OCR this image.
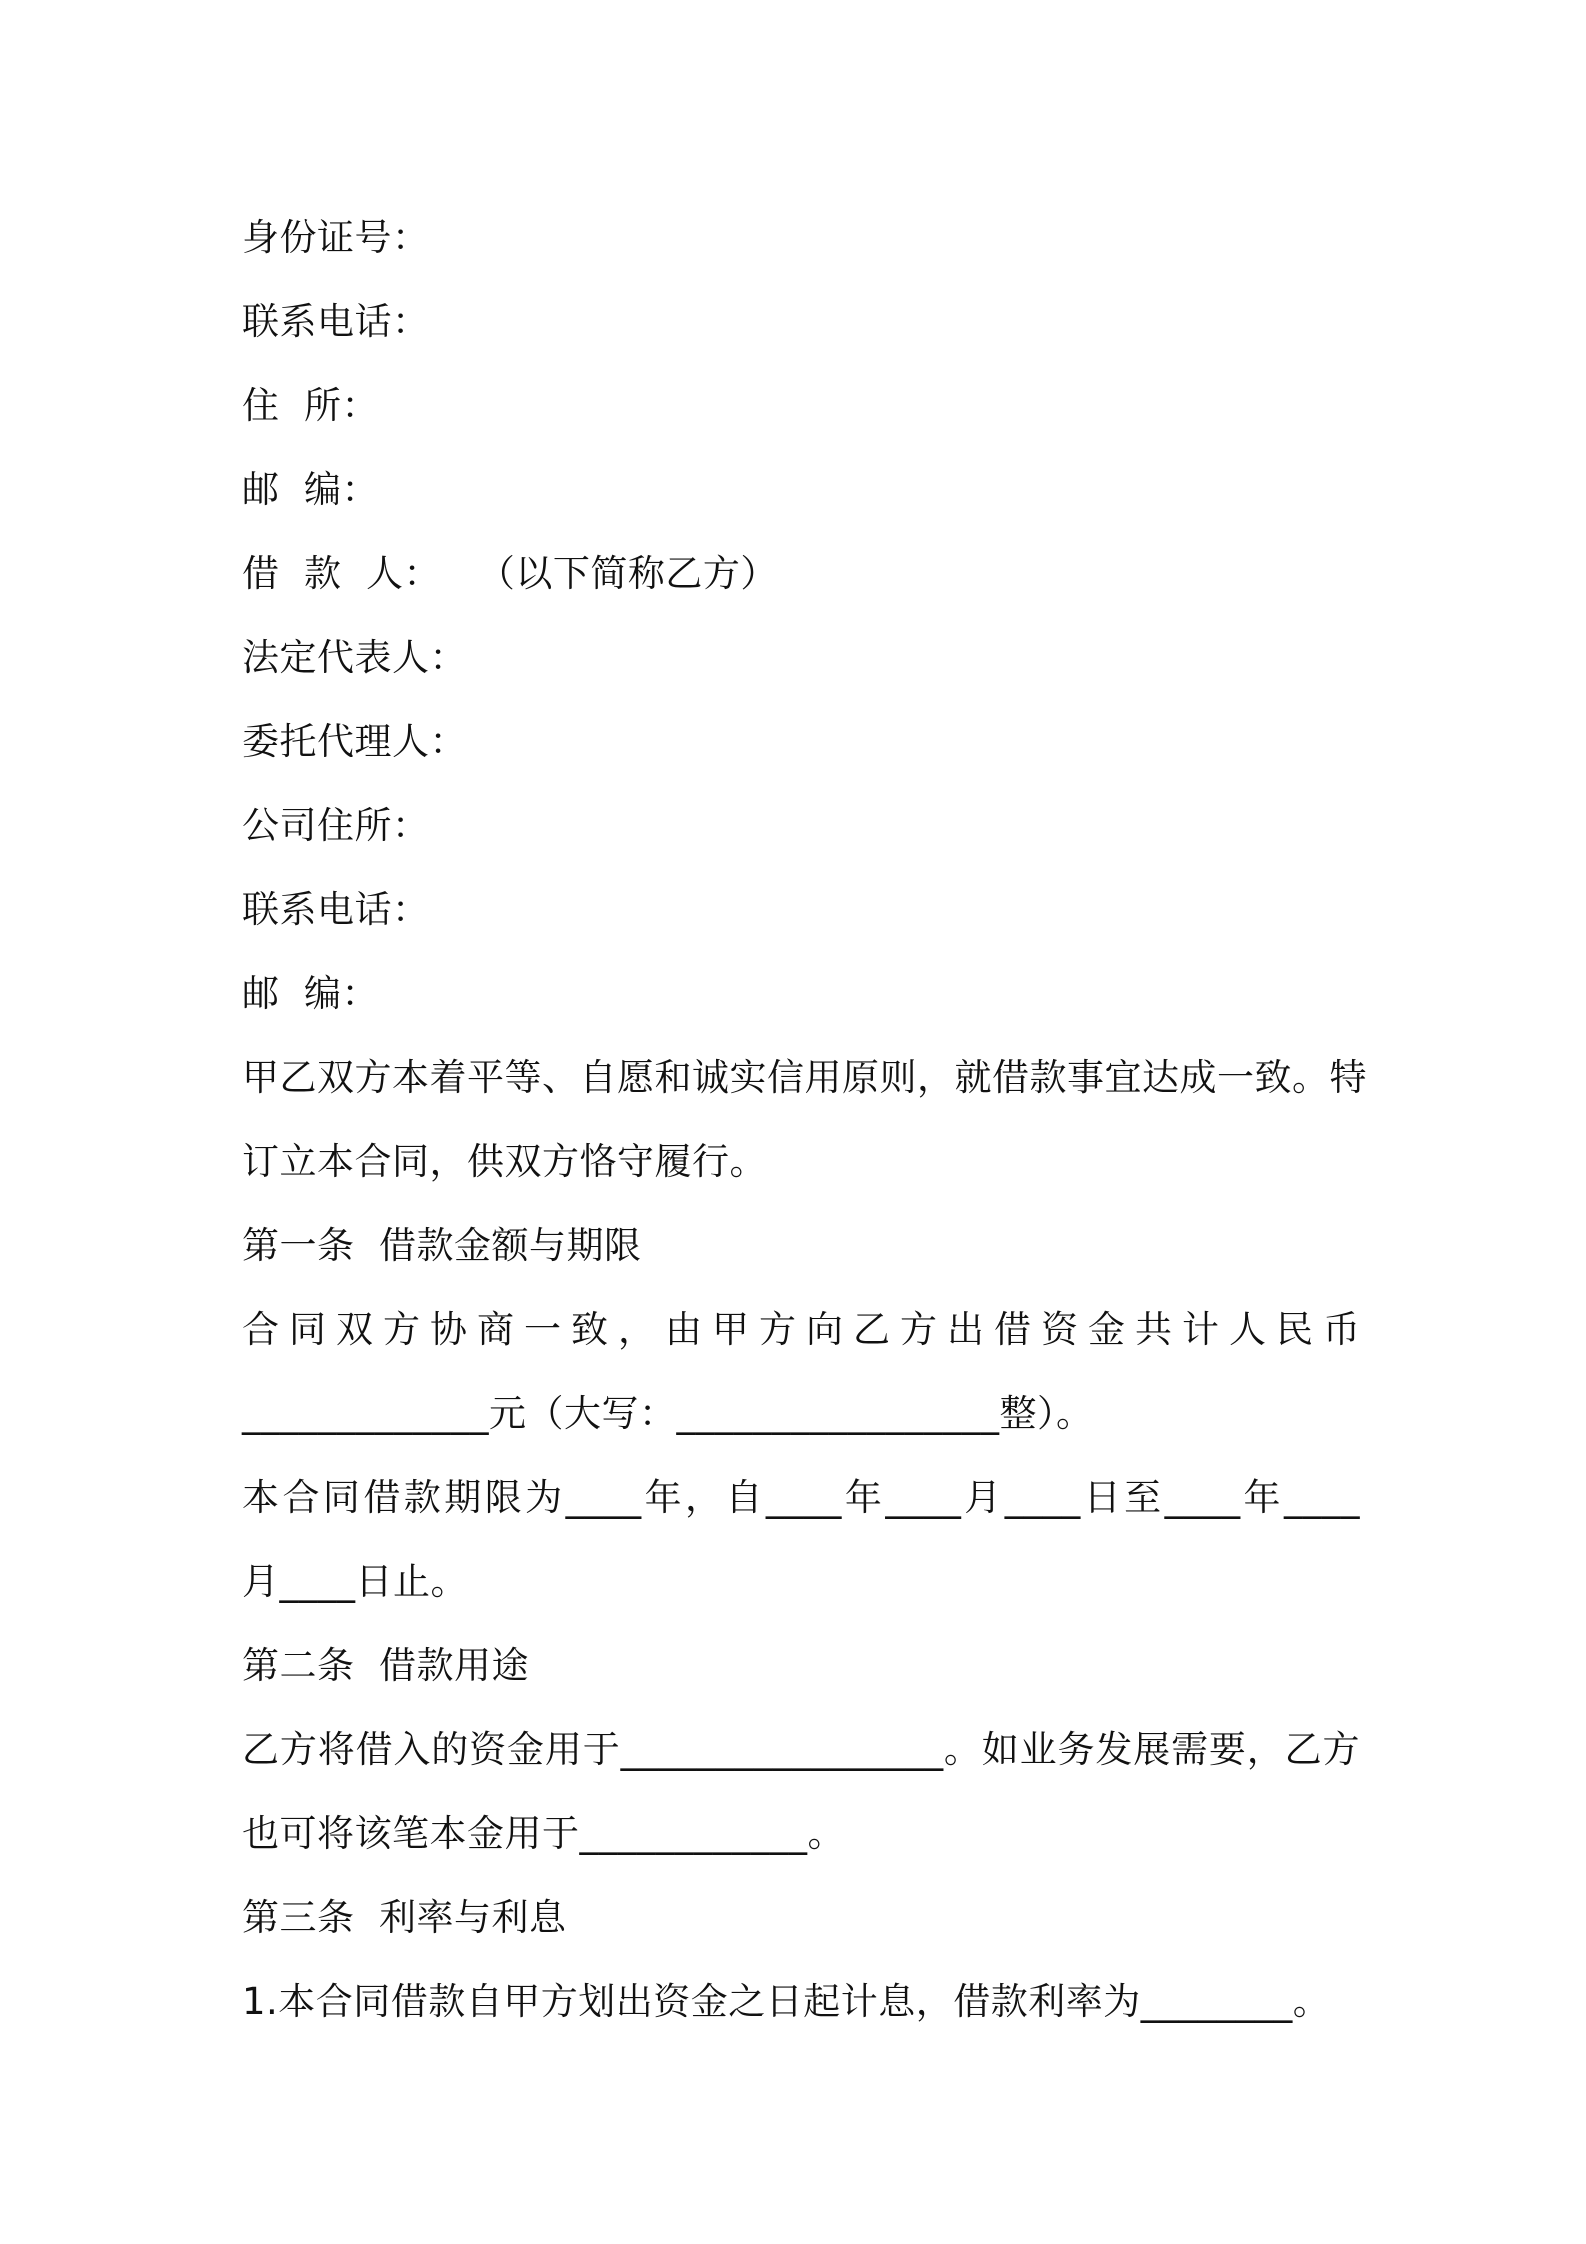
身份证号：
联系电话：
住  所：
邮  编：
借  款  人：   （以下简称乙方）
法定代表人：
委托代理人：
公司住所：
联系电话：
邮  编：
甲乙双方本着平等、自愿和诚实信用原则，就借款事宜达成一致。特
订立本合同，供双方恪守履行。
第一条  借款金额与期限
合同双方协商一致，由甲方向乙方出借资金共计人民币
_____________元（大写：_________________整）。
本合同借款期限为____年，自____年____月____日至____年____
月____日止。
第二条  借款用途
乙方将借入的资金用于_________________。如业务发展需要，乙方
也可将该笔本金用于____________。
第三条  利率与利息
1.本合同借款自甲方划出资金之日起计息，借款利率为________。
